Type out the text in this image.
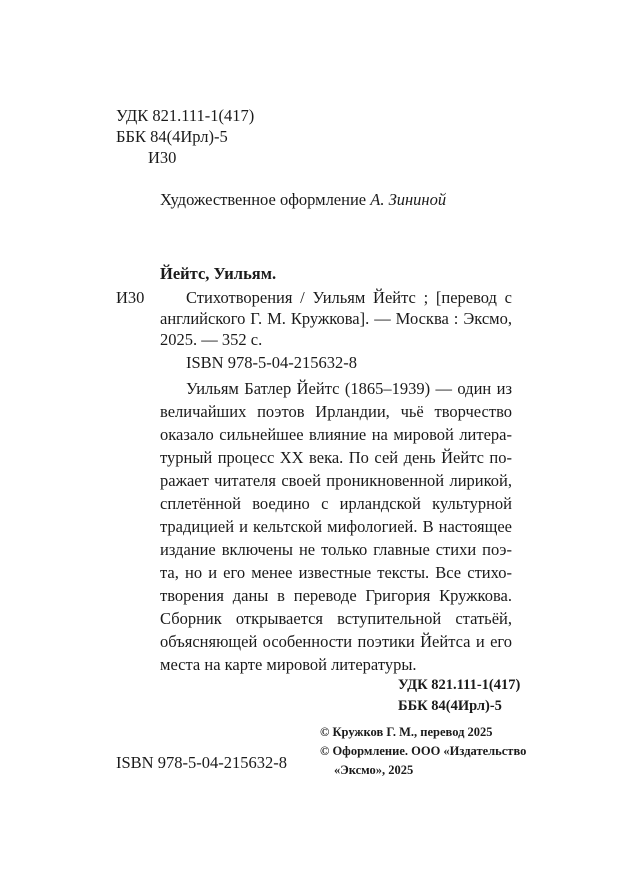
УДК 821.111-1(417)
ББК 84(4Ирл)-5
И30
Художественное оформление А. Зининой
Йейтс, Уильям.
И30	Стихотворения / Уильям Йейтс ; [перевод с
английского Г. М. Кружкова]. — Москва : Эксмо,
2025. — 352 с.
ISBN 978-5-04-215632-8
Уильям Батлер Йейтс (1865–1939) — один из
величайших поэтов Ирландии, чьё творчество
оказало сильнейшее влияние на мировой литера-
турный процесс XX века. По сей день Йейтс по-
ражает читателя своей проникновенной лирикой,
сплетённой воедино с ирландской культурной
традицией и кельтской мифологией. В настоящее
издание включены не только главные стихи поэ-
та, но и его менее известные тексты. Все стихо-
творения даны в переводе Григория Кружкова.
Сборник открывается вступительной статьёй,
объясняющей особенности поэтики Йейтса и его
места на карте мировой литературы.
УДК 821.111-1(417)
ББК 84(4Ирл)-5
© Кружков Г. М., перевод 2025
© Оформление. ООО «Издательство
«Эксмо», 2025
ISBN 978-5-04-215632-8
